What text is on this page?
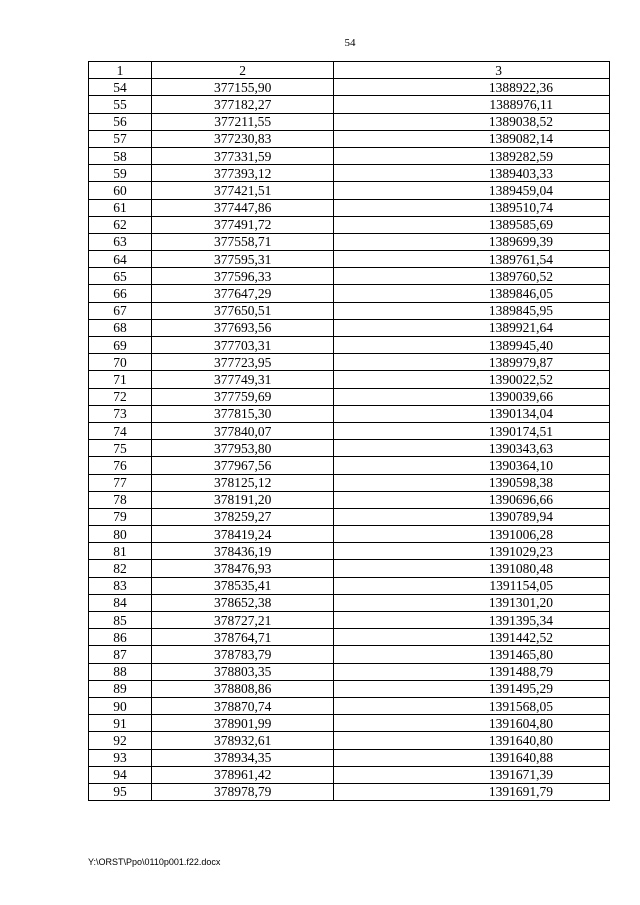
54
1	2	3
54	377155,90	1388922,36
55	377182,27	1388976,11
56	377211,55	1389038,52
57	377230,83	1389082,14
58	377331,59	1389282,59
59	377393,12	1389403,33
60	377421,51	1389459,04
61	377447,86	1389510,74
62	377491,72	1389585,69
63	377558,71	1389699,39
64	377595,31	1389761,54
65	377596,33	1389760,52
66	377647,29	1389846,05
67	377650,51	1389845,95
68	377693,56	1389921,64
69	377703,31	1389945,40
70	377723,95	1389979,87
71	377749,31	1390022,52
72	377759,69	1390039,66
73	377815,30	1390134,04
74	377840,07	1390174,51
75	377953,80	1390343,63
76	377967,56	1390364,10
77	378125,12	1390598,38
78	378191,20	1390696,66
79	378259,27	1390789,94
80	378419,24	1391006,28
81	378436,19	1391029,23
82	378476,93	1391080,48
83	378535,41	1391154,05
84	378652,38	1391301,20
85	378727,21	1391395,34
86	378764,71	1391442,52
87	378783,79	1391465,80
88	378803,35	1391488,79
89	378808,86	1391495,29
90	378870,74	1391568,05
91	378901,99	1391604,80
92	378932,61	1391640,80
93	378934,35	1391640,88
94	378961,42	1391671,39
95	378978,79	1391691,79
Y:\ORST\Ppo\0110p001.f22.docx
